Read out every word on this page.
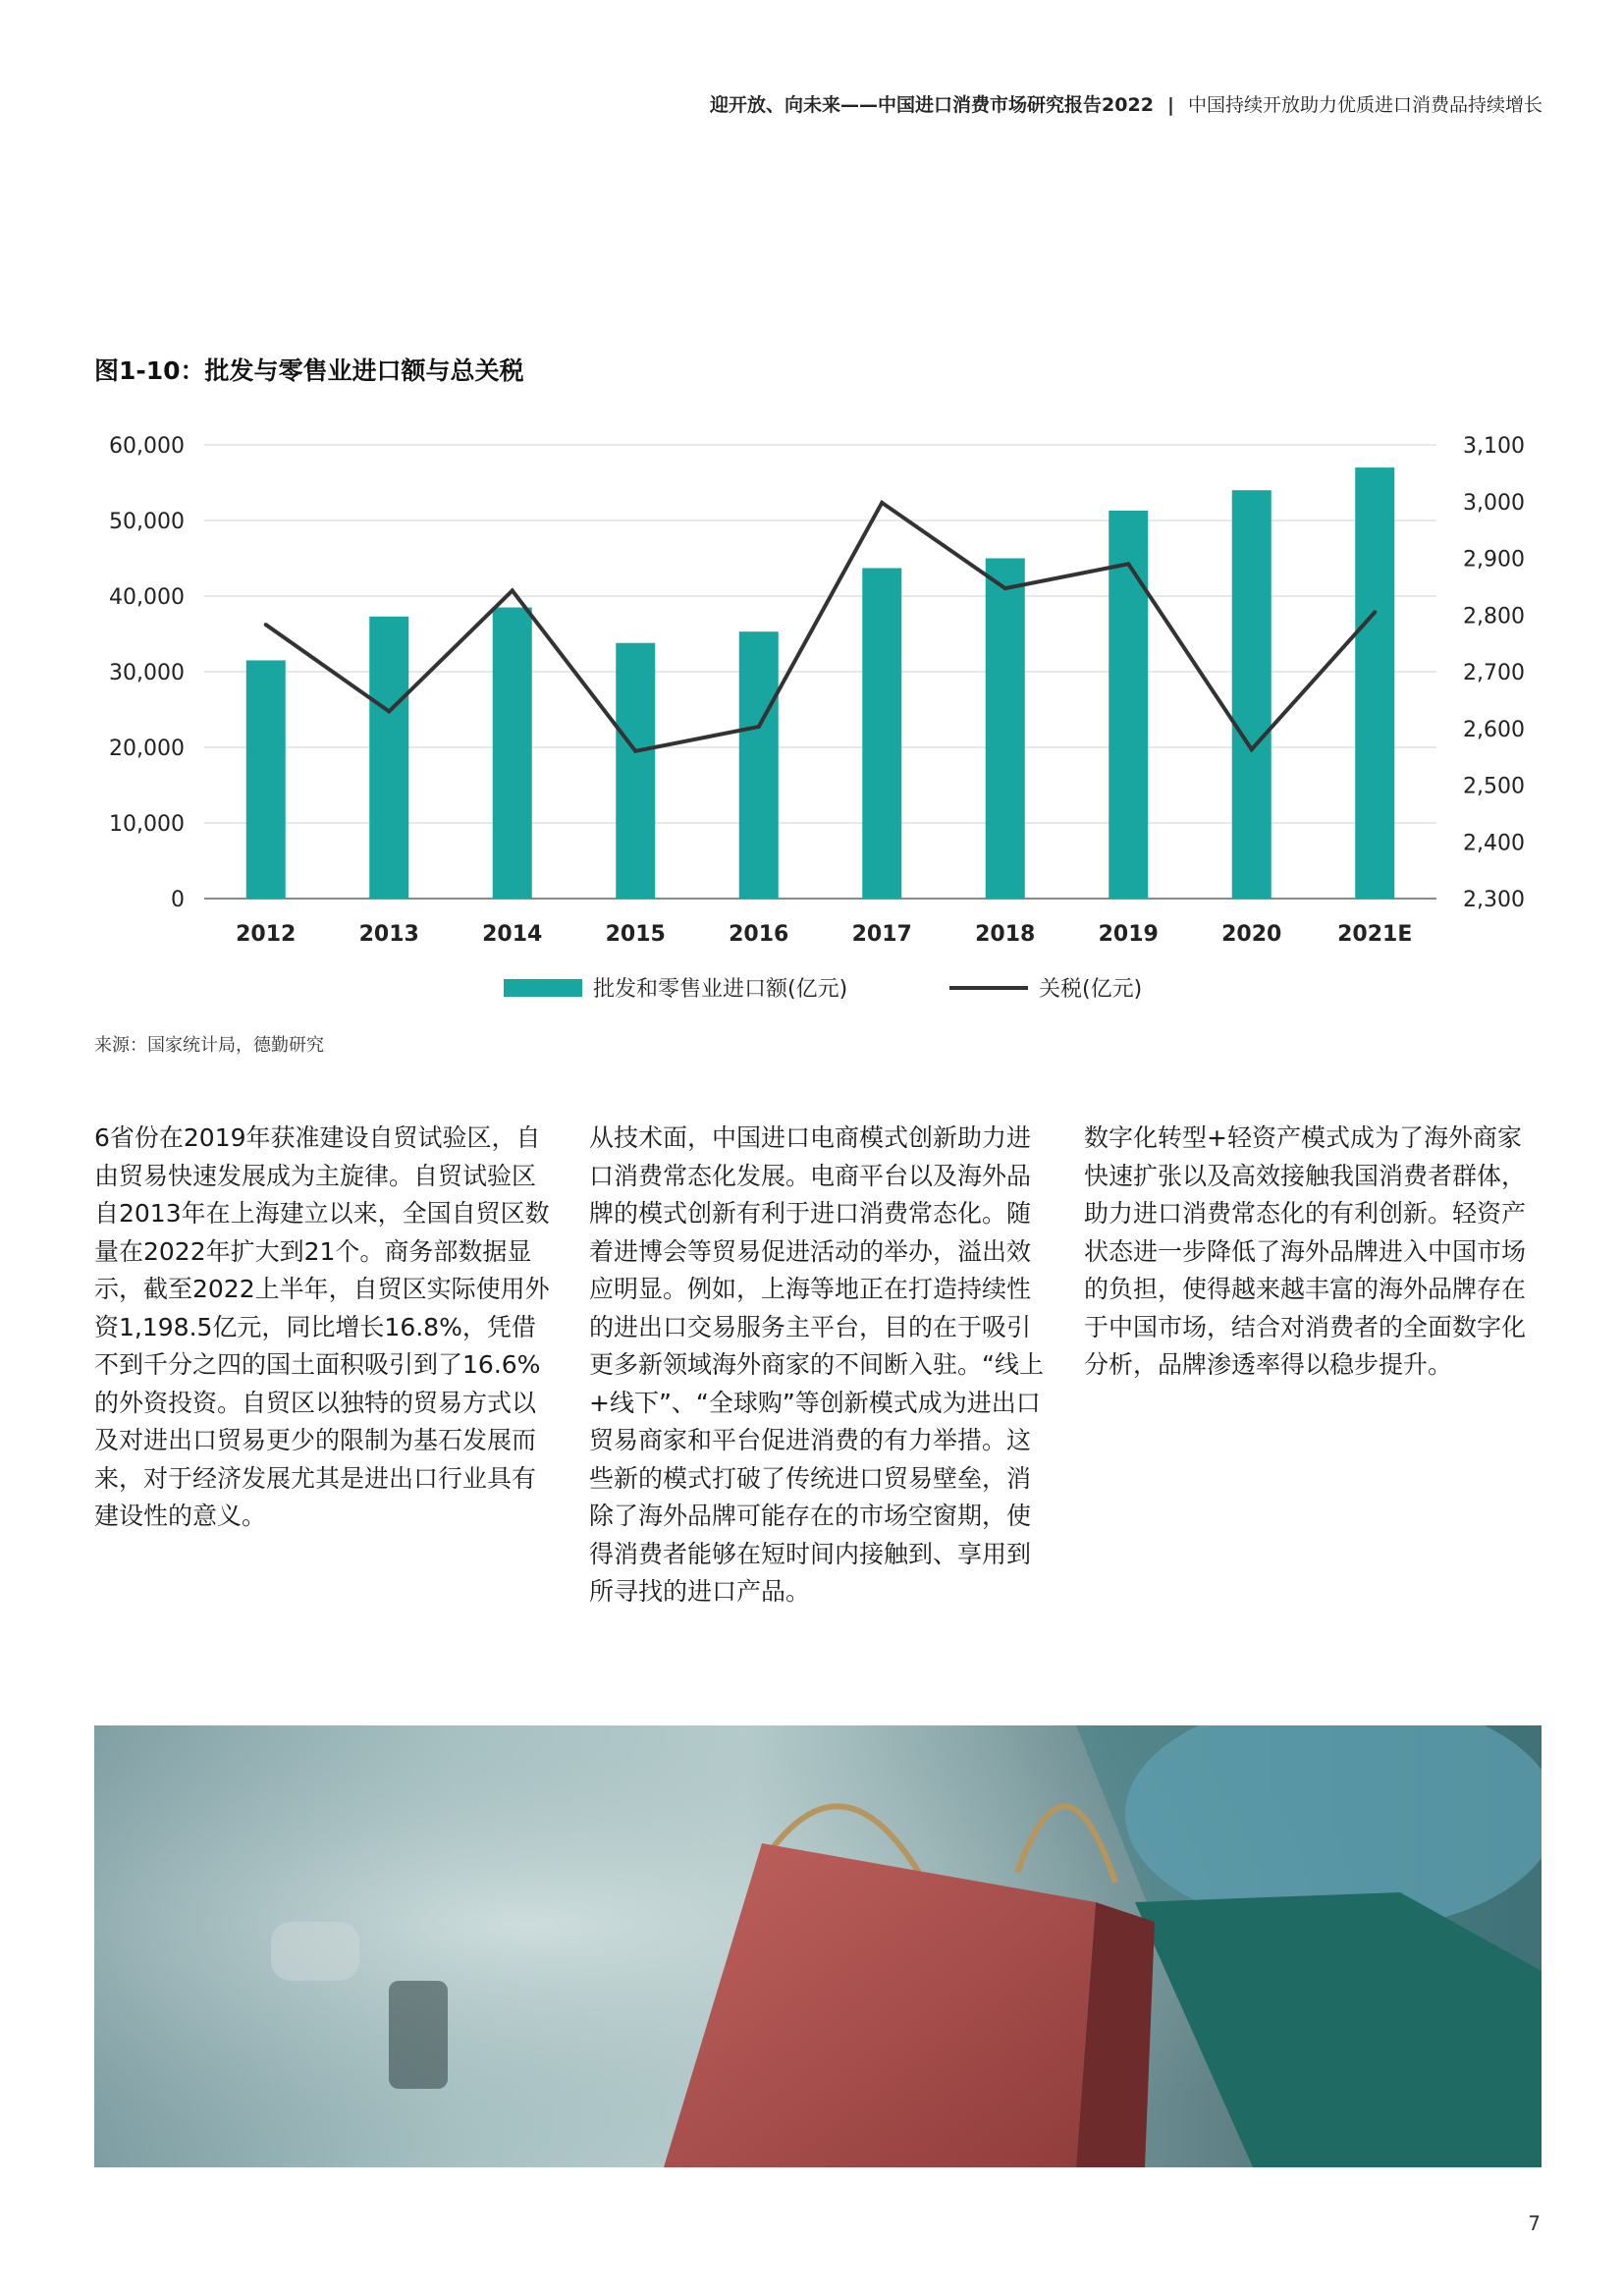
迎开放、向未来——中国进口消费市场研究报告2022 | 中国持续开放助力优质进口消费品持续增长
图1-10：批发与零售业进口额与总关税
0
10,000
20,000
30,000
40,000
50,000
60,000
2,300
2,400
2,500
2,600
2,700
2,800
2,900
3,000
3,100
2012	2013	2014	2015	2016	2017	2018	2019	2020	2021E
批发和零售业进口额(亿元)	关税(亿元)
来源：国家统计局，德勤研究
6省份在2019年获准建设自贸试验区，自由贸易快速发展成为主旋律。自贸试验区自2013年在上海建立以来，全国自贸区数量在2022年扩大到21个。商务部数据显示，截至2022上半年，自贸区实际使用外资1,198.5亿元，同比增长16.8%，凭借不到千分之四的国土面积吸引到了16.6%的外资投资。自贸区以独特的贸易方式以及对进出口贸易更少的限制为基石发展而来，对于经济发展尤其是进出口行业具有建设性的意义。
从技术面，中国进口电商模式创新助力进口消费常态化发展。电商平台以及海外品牌的模式创新有利于进口消费常态化。随着进博会等贸易促进活动的举办，溢出效应明显。例如，上海等地正在打造持续性的进出口交易服务主平台，目的在于吸引更多新领域海外商家的不间断入驻。“线上+线下”、“全球购”等创新模式成为进出口贸易商家和平台促进消费的有力举措。这些新的模式打破了传统进口贸易壁垒，消除了海外品牌可能存在的市场空窗期，使得消费者能够在短时间内接触到、享用到所寻找的进口产品。
数字化转型+轻资产模式成为了海外商家快速扩张以及高效接触我国消费者群体，助力进口消费常态化的有利创新。轻资产状态进一步降低了海外品牌进入中国市场的负担，使得越来越丰富的海外品牌存在于中国市场，结合对消费者的全面数字化分析，品牌渗透率得以稳步提升。
7
